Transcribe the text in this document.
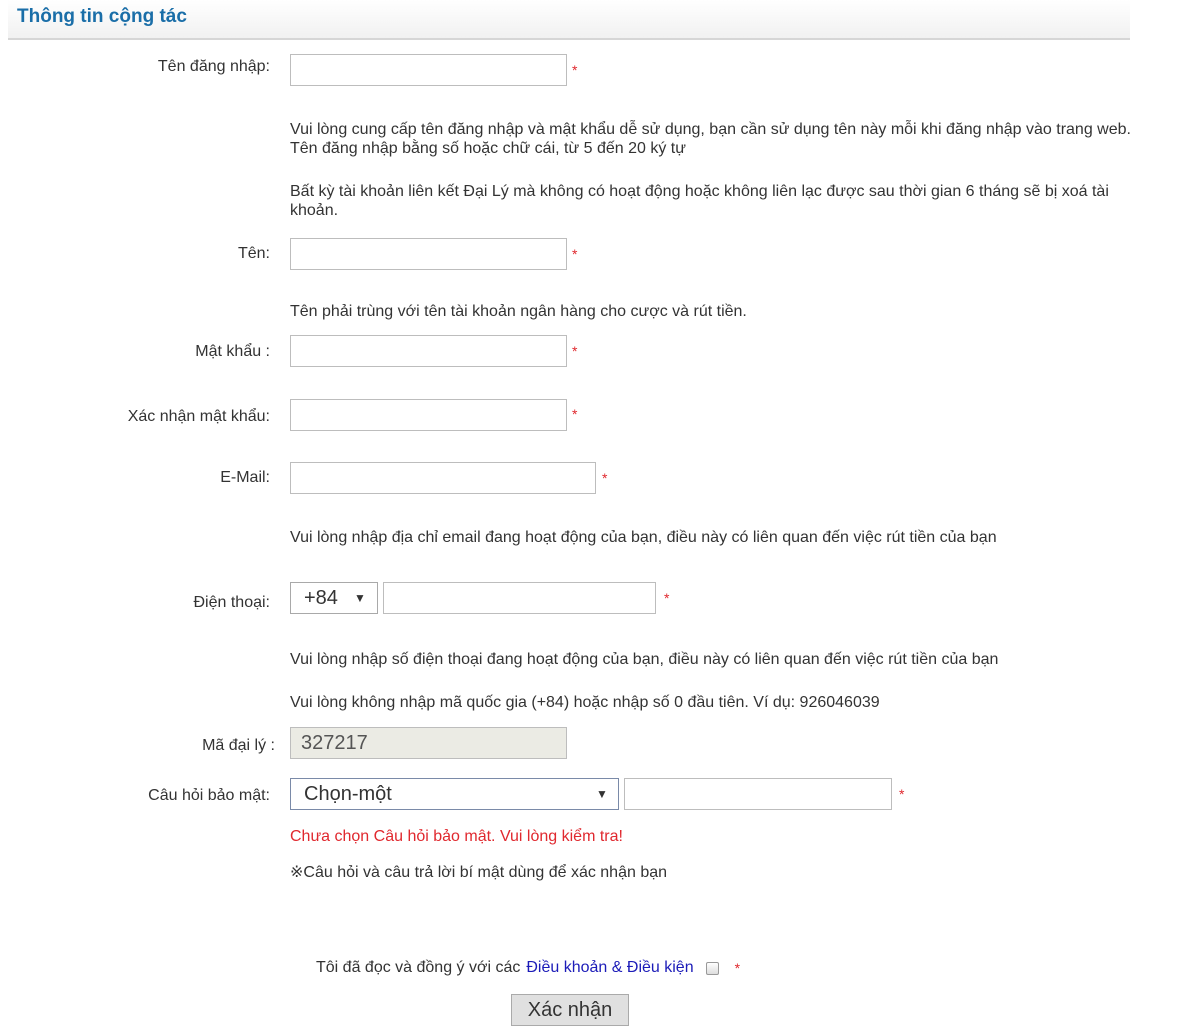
Thông tin cộng tác
Tên đăng nhập:	*
Vui lòng cung cấp tên đăng nhập và mật khẩu dễ sử dụng, bạn cần sử dụng tên này mỗi khi đăng nhập vào trang web. Tên đăng nhập bằng số hoặc chữ cái, từ 5 đến 20 ký tự
Bất kỳ tài khoản liên kết Đại Lý mà không có hoạt động hoặc không liên lạc được sau thời gian 6 tháng sẽ bị xoá tài khoản.
Tên:	*
Tên phải trùng với tên tài khoản ngân hàng cho cược và rút tiền.
Mật khẩu :	*
Xác nhận mật khẩu:	*
E-Mail:	*
Vui lòng nhập địa chỉ email đang hoạt động của bạn, điều này có liên quan đến việc rút tiền của bạn
Điện thoại: +84 ▼	*
Vui lòng nhập số điện thoại đang hoạt động của bạn, điều này có liên quan đến việc rút tiền của bạn
Vui lòng không nhập mã quốc gia (+84) hoặc nhập số 0 đầu tiên. Ví dụ: 926046039
Mã đại lý :	327217
Câu hỏi bảo mật: Chọn-một	▼	*
Chưa chọn Câu hỏi bảo mật. Vui lòng kiểm tra!
※Câu hỏi và câu trả lời bí mật dùng để xác nhận bạn
Tôi đã đọc và đồng ý với các Điều khoản & Điều kiện	*
Xác nhận
